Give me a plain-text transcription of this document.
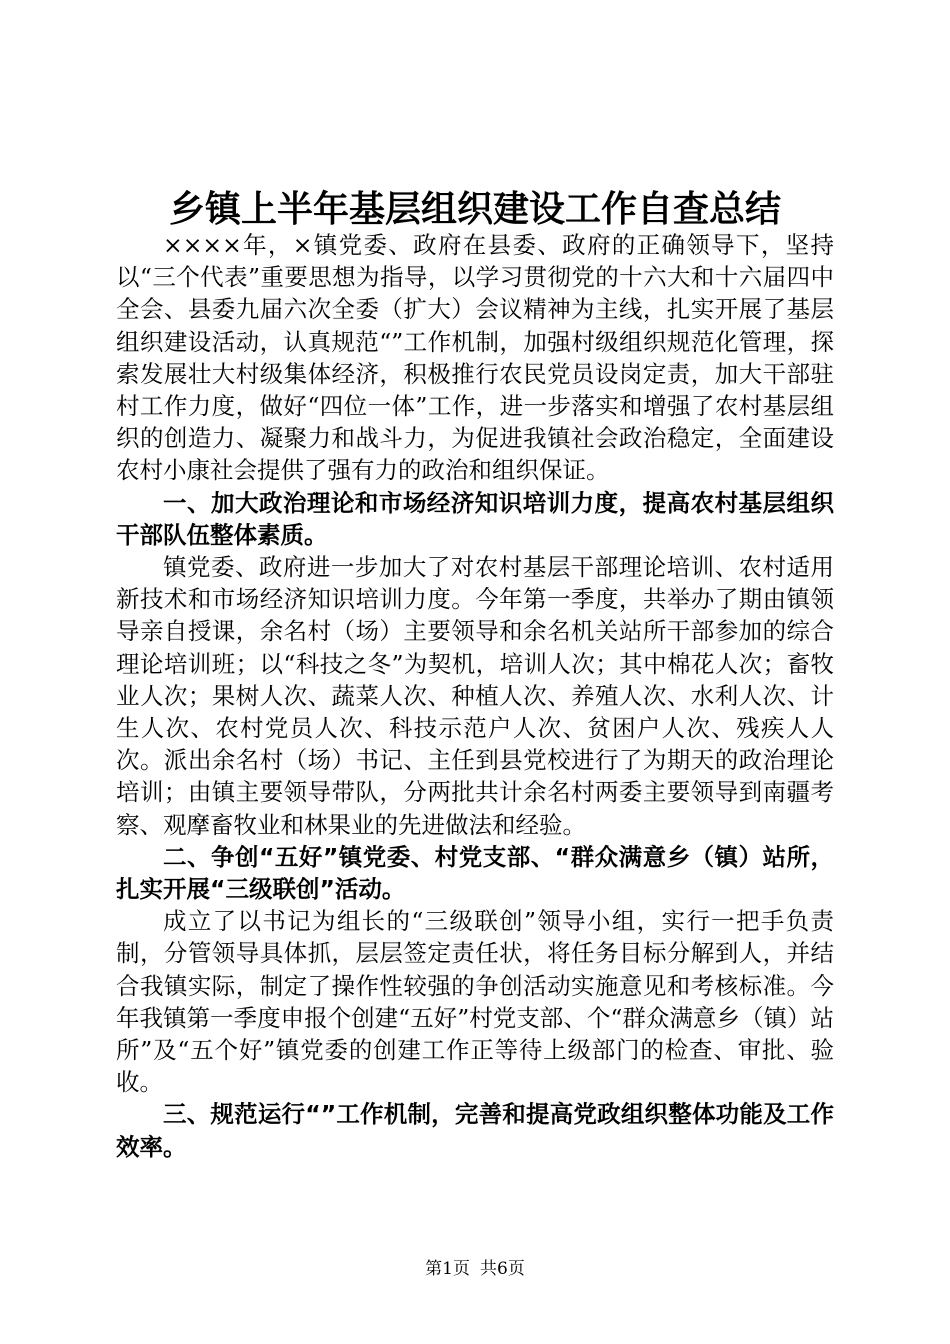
乡镇上半年基层组织建设工作自查总结

××××年，×镇党委、政府在县委、政府的正确领导下，坚持以“三个代表”重要思想为指导，以学习贯彻党的十六大和十六届四中全会、县委九届六次全委（扩大）会议精神为主线，扎实开展了基层组织建设活动，认真规范“”工作机制，加强村级组织规范化管理，探索发展壮大村级集体经济，积极推行农民党员设岗定责，加大干部驻村工作力度，做好“四位一体”工作，进一步落实和增强了农村基层组织的创造力、凝聚力和战斗力，为促进我镇社会政治稳定，全面建设农村小康社会提供了强有力的政治和组织保证。

一、加大政治理论和市场经济知识培训力度，提高农村基层组织干部队伍整体素质。

镇党委、政府进一步加大了对农村基层干部理论培训、农村适用新技术和市场经济知识培训力度。今年第一季度，共举办了期由镇领导亲自授课，余名村（场）主要领导和余名机关站所干部参加的综合理论培训班；以“科技之冬”为契机，培训人次；其中棉花人次；畜牧业人次；果树人次、蔬菜人次、种植人次、养殖人次、水利人次、计生人次、农村党员人次、科技示范户人次、贫困户人次、残疾人人次。派出余名村（场）书记、主任到县党校进行了为期天的政治理论培训；由镇主要领导带队，分两批共计余名村两委主要领导到南疆考察、观摩畜牧业和林果业的先进做法和经验。

二、争创“五好”镇党委、村党支部、“群众满意乡（镇）站所，扎实开展“三级联创”活动。

成立了以书记为组长的“三级联创”领导小组，实行一把手负责制，分管领导具体抓，层层签定责任状，将任务目标分解到人，并结合我镇实际，制定了操作性较强的争创活动实施意见和考核标准。今年我镇第一季度申报个创建“五好”村党支部、个“群众满意乡（镇）站所”及“五个好”镇党委的创建工作正等待上级部门的检查、审批、验收。

三、规范运行“”工作机制，完善和提高党政组织整体功能及工作效率。

第1页 共6页
